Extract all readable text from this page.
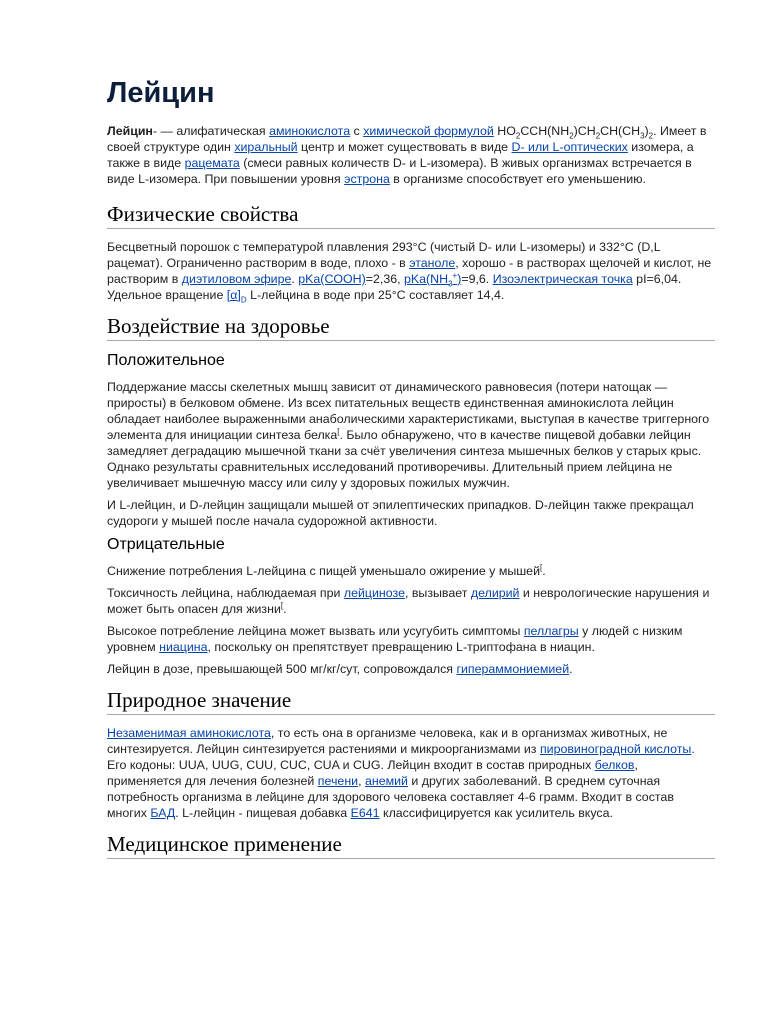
Лейцин

Лейцин- — алифатическая аминокислота с химической формулой $HO_2CCH(NH_2)CH_2CH(CH_3)_2$. Имеет в своей структуре один хиральный центр и может существовать в виде D- или L-оптических изомера, а также в виде рацемата (смеси равных количеств D- и L-изомера). В живых организмах встречается в виде L-изомера. При повышении уровня эстрона в организме способствует его уменьшению.

Физические свойства

Бесцветный порошок с температурой плавления 293°C (чистый D- или L-изомеры) и 332°C (D,L рацемат). Ограниченно растворим в воде, плохо - в этаноле, хорошо - в растворах щелочей и кислот, не растворим в диэтиловом эфире. pKa(COOH)=2,36, $pKa(NH_3^+)=9,6$. Изоэлектрическая точка pI=6,04. Удельное вращение $[\alpha]_D$ L-лейцина в воде при 25°C составляет 14,4.

Воздействие на здоровье
Положительное

Поддержание массы скелетных мышц зависит от динамического равновесия (потери натощак — приросты) в белковом обмене. Из всех питательных веществ единственная аминокислота лейцин обладает наиболее выраженными анаболическими характеристиками, выступая в качестве триггерного элемента для инициации синтеза белка[. Было обнаружено, что в качестве пищевой добавки лейцин замедляет деградацию мышечной ткани за счёт увеличения синтеза мышечных белков у старых крыс. Однако результаты сравнительных исследований противоречивы. Длительный прием лейцина не увеличивает мышечную массу или силу у здоровых пожилых мужчин.

И L-лейцин, и D-лейцин защищали мышей от эпилептических припадков. D-лейцин также прекращал судороги у мышей после начала судорожной активности.

Отрицательные

Снижение потребления L-лейцина с пищей уменьшало ожирение у мышей[.

Токсичность лейцина, наблюдаемая при лейцинозе, вызывает делирий и неврологические нарушения и может быть опасен для жизни[.

Высокое потребление лейцина может вызвать или усугубить симптомы пеллагры у людей с низким уровнем ниацина, поскольку он препятствует превращению L-триптофана в ниацин.

Лейцин в дозе, превышающей 500 мг/кг/сут, сопровождался гипераммониемией.

Природное значение

Незаменимая аминокислота, то есть она в организме человека, как и в организмах животных, не синтезируется. Лейцин синтезируется растениями и микроорганизмами из пировиноградной кислоты. Его кодоны: UUA, UUG, CUU, CUC, CUA и CUG. Лейцин входит в состав природных белков, применяется для лечения болезней печени, анемий и других заболеваний. В среднем суточная потребность организма в лейцине для здорового человека составляет 4-6 грамм. Входит в состав многих БАД. L-лейцин - пищевая добавка E641 классифицируется как усилитель вкуса.

Медицинское применение
